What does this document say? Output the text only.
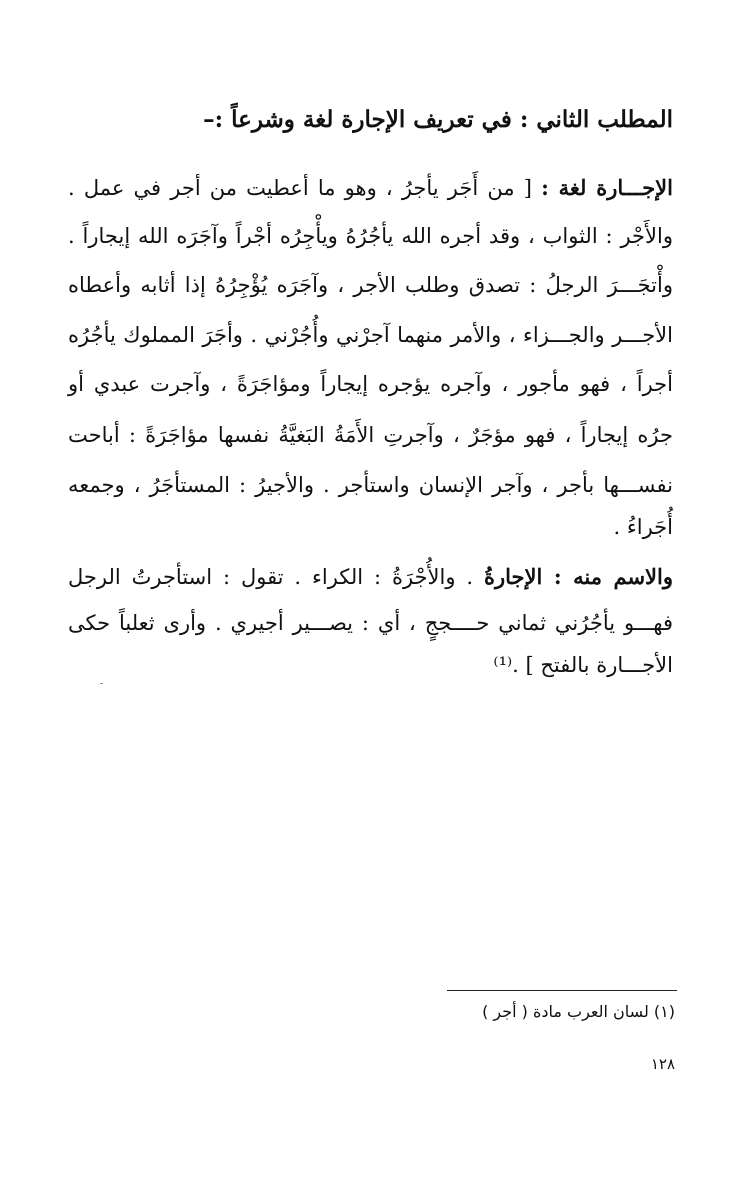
المطلب الثاني : في تعريف الإجارة لغة وشرعاً :–
الإجـــارة لغة : [ من أَجَر يأجرُ ، وهو ما أعطيت من أجر في عمل .
والأَجْر : الثواب ، وقد أجره الله يأجُرُهُ ويأْجِرُه أجْراً وآجَرَه الله إيجاراً .
وأْتجَـــرَ الرجلُ : تصدق وطلب الأجر ، وآجَرَه يُؤْجِرُهُ إذا أثابه وأعطاه
الأجـــر والجـــزاء ، والأمر منهما آجرْني وأُجُرْني . وأجَرَ المملوك يأجُرُه
أجراً ، فهو مأجور ، وآجره يؤجره إيجاراً ومؤاجَرَةً ، وآجرت عبدي أو
جرُه إيجاراً ، فهو مؤجَرٌ ، وآجرتِ الأَمَةُ البَغيَّةُ نفسها مؤاجَرَةً : أباحت
نفســـها بأجر ، وآجر الإنسان واستأجر . والأجيرُ : المستأجَرُ ، وجمعه
أُجَراءُ .
والاسم منه : الإجارةُ . والأُجْرَةُ : الكراء . تقول : استأجرتُ الرجل
فهـــو يأجُرُني ثماني حــــججٍ ، أي : يصـــير أجيري . وأرى ثعلباً حكى
الأجـــارة بالفتح ] .⁽¹⁾
(١) لسان العرب مادة ( أجر )
١٢٨
